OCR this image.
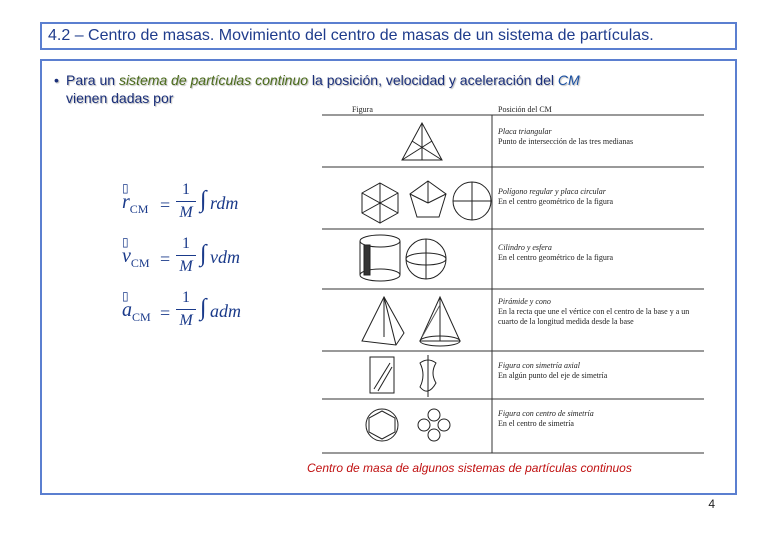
4.2 – Centro de masas. Movimiento del centro de masas de un sistema de partículas.
• Para un sistema de partículas continuo la posición, velocidad y aceleración del CM
vienen dadas por
▯
$r_{CM}$ =
1
M ∫ rdm
▯
$v_{CM}$ =
1
M ∫ vdm
▯
$a_{CM}$ =
1
M ∫ adm
Figura	Posición del CM
Placa triangular
Punto de intersección de las tres medianas
Polígono regular y placa circular
En el centro geométrico de la figura
Cilindro y esfera
En el centro geométrico de la figura
Pirámide y cono
En la recta que une el vértice con el centro de la base y a un cuarto de la longitud medida desde la base
Figura con simetría axial
En algún punto del eje de simetría
Figura con centro de simetría
En el centro de simetría
Centro de masa de algunos sistemas de partículas continuos
4
